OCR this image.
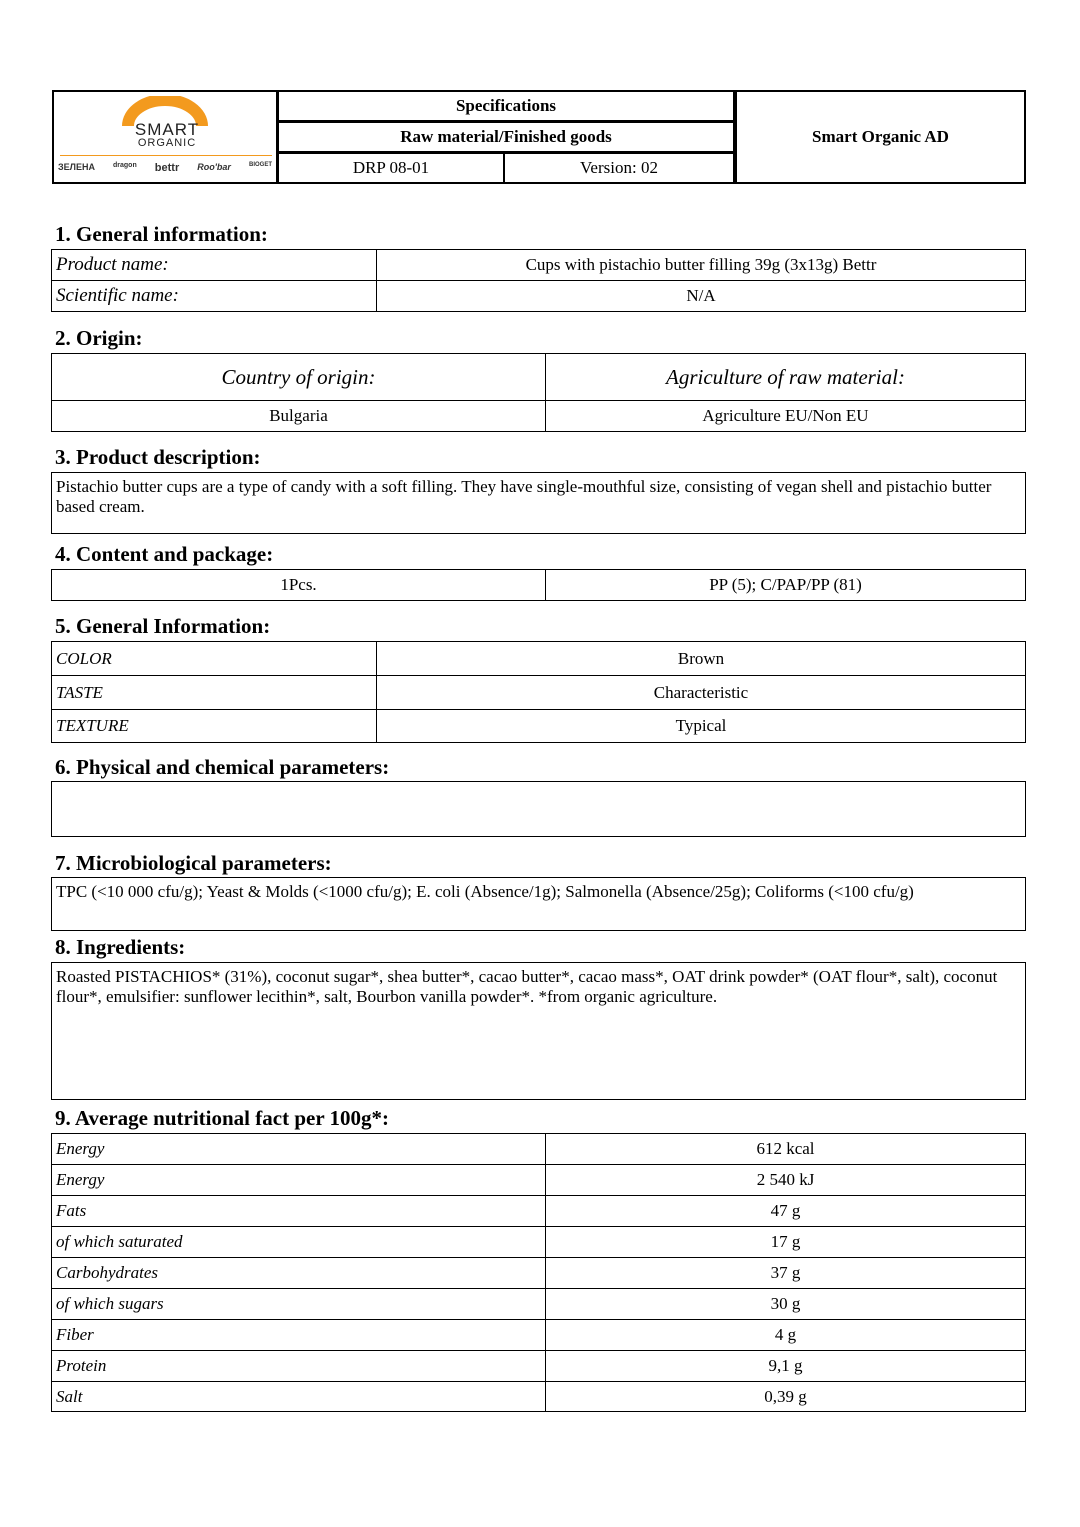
SMART
ORGANIC
ЗЕЛЕНА	dragon bettr Roo'bar	BIOGET
Specifications
Raw material/Finished goods
DRP 08-01	Version: 02
Smart Organic AD
1. General information:
Product name:	Cups with pistachio butter filling 39g (3x13g) Bettr
Scientific name:	N/A
2. Origin:
Country of origin:	Agriculture of raw material:
Bulgaria	Agriculture EU/Non EU
3. Product description:
Pistachio butter cups are a type of candy with a soft filling. They have single-mouthful size, consisting of vegan shell and pistachio butter based cream.
4. Content and package:
1Pcs.	PP (5); C/PAP/PP (81)
5. General Information:
COLOR	Brown
TASTE	Characteristic
TEXTURE	Typical
6. Physical and chemical parameters:
7. Microbiological parameters:
TPC (<10 000 cfu/g); Yeast & Molds (<1000 cfu/g); E. coli (Absence/1g); Salmonella (Absence/25g); Coliforms (<100 cfu/g)
8. Ingredients:
Roasted PISTACHIOS* (31%), coconut sugar*, shea butter*, cacao butter*, cacao mass*, OAT drink powder* (OAT flour*, salt), coconut flour*, emulsifier: sunflower lecithin*, salt, Bourbon vanilla powder*. *from organic agriculture.
9. Average nutritional fact per 100g*:
Energy	612 kcal
Energy	2 540 kJ
Fats	47 g
of which saturated	17 g
Carbohydrates	37 g
of which sugars	30 g
Fiber	4 g
Protein	9,1 g
Salt	0,39 g
